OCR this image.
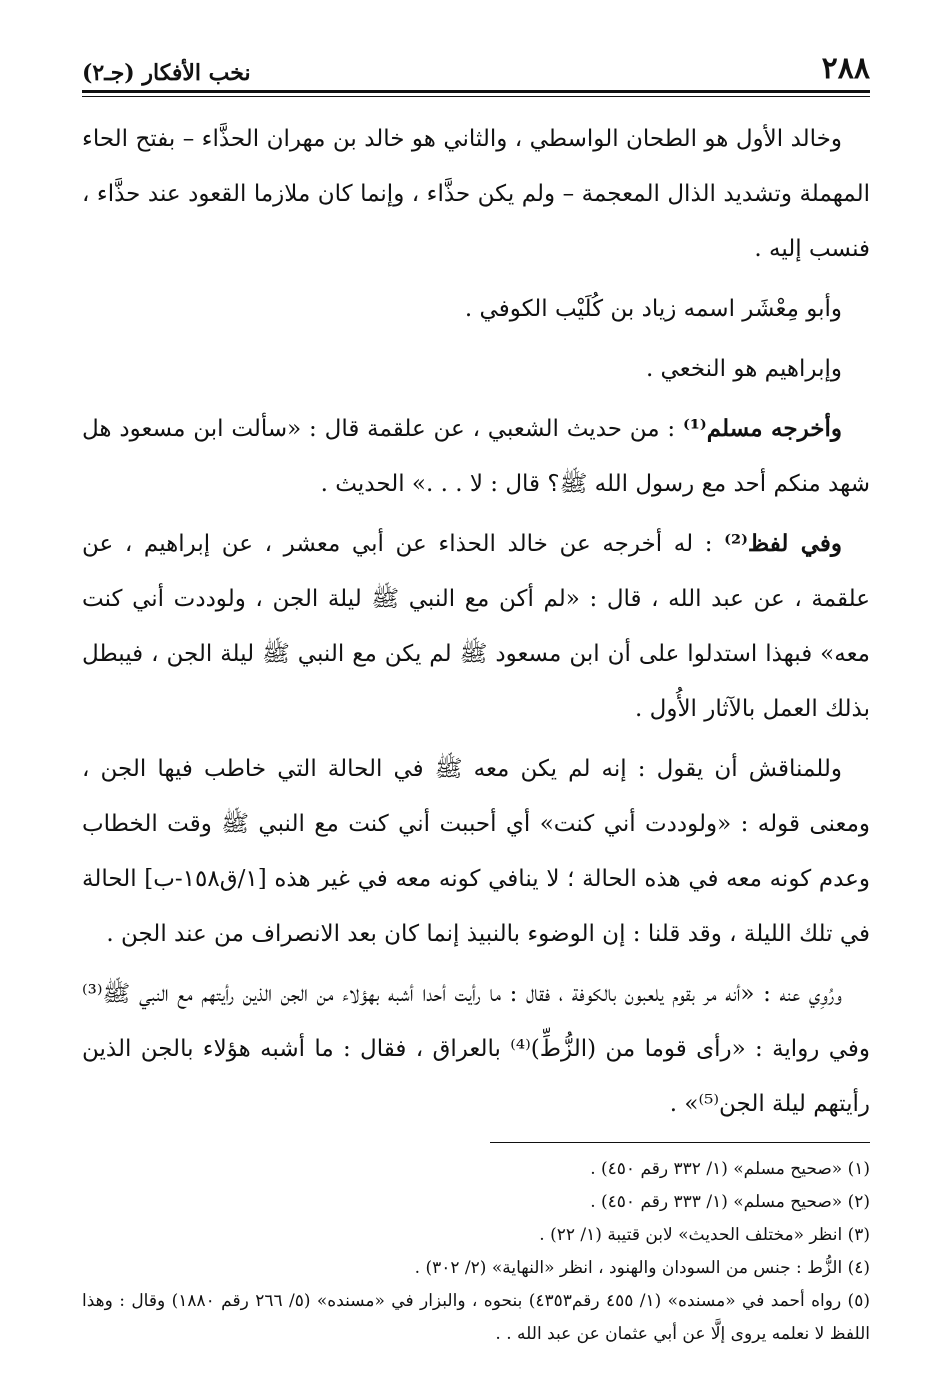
٢٨٨
نخب الأفكار (جـ٢)

وخالد الأول هو الطحان الواسطي ، والثاني هو خالد بن مهران الحذَّاء – بفتح الحاء المهملة وتشديد الذال المعجمة – ولم يكن حذَّاء ، وإنما كان ملازما القعود عند حذَّاء ، فنسب إليه .

وأبو مِعْشَر اسمه زياد بن كُلَيْب الكوفي .

وإبراهيم هو النخعي .

وأخرجه مسلم⁽¹⁾ : من حديث الشعبي ، عن علقمة قال : «سألت ابن مسعود هل شهد منكم أحد مع رسول الله ﷺ؟ قال : لا . . .» الحديث .

وفي لفظ⁽²⁾ : له أخرجه عن خالد الحذاء عن أبي معشر ، عن إبراهيم ، عن علقمة ، عن عبد الله ، قال : «لم أكن مع النبي ﷺ ليلة الجن ، ولوددت أني كنت معه» فبهذا استدلوا على أن ابن مسعود ﷺ لم يكن مع النبي ﷺ ليلة الجن ، فيبطل بذلك العمل بالآثار الأُول .

وللمناقش أن يقول : إنه لم يكن معه ﷺ في الحالة التي خاطب فيها الجن ، ومعنى قوله : «ولوددت أني كنت» أي أحببت أني كنت مع النبي ﷺ وقت الخطاب وعدم كونه معه في هذه الحالة ؛ لا ينافي كونه معه في غير هذه [١/ق١٥٨-ب] الحالة في تلك الليلة ، وقد قلنا : إن الوضوء بالنبيذ إنما كان بعد الانصراف من عند الجن .

ورُوِي عنه : «أنه مر بقوم يلعبون بالكوفة ، فقال : ما رأيت أحدا أشبه بهؤلاء من الجن الذين رأيتهم مع النبي ﷺ⁽³⁾ وفي رواية : «رأى قوما من (الزُّطِّ)⁽⁴⁾ بالعراق ، فقال : ما أشبه هؤلاء بالجن الذين رأيتهم ليلة الجن⁽⁵⁾» .

(١) «صحيح مسلم» (١/ ٣٣٢ رقم ٤٥٠) .

(٢) «صحيح مسلم» (١/ ٣٣٣ رقم ٤٥٠) .

(٣) انظر «مختلف الحديث» لابن قتيبة (١/ ٢٢) .

(٤) الزُّط : جنس من السودان والهنود ، انظر «النهاية» (٢/ ٣٠٢) .

(٥) رواه أحمد في «مسنده» (١/ ٤٥٥ رقم٤٣٥٣) بنحوه ، والبزار في «مسنده» (٥/ ٢٦٦ رقم ١٨٨٠) وقال : وهذا اللفظ لا نعلمه يروى إلَّا عن أبي عثمان عن عبد الله . .
